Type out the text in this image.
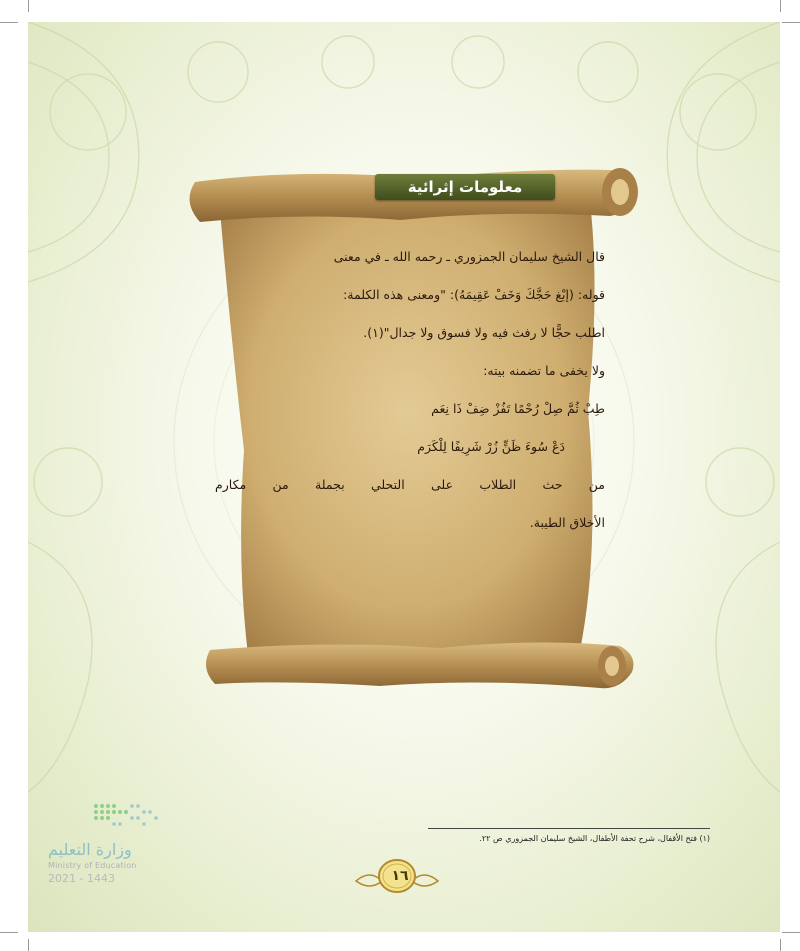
معلومات إثرائية
قال الشيخ سليمان الجمزوري ـ رحمه الله ـ في معنى
قوله: (إبْغ حَجَّكَ وَخَفْ عَقِيمَهُ): "ومعنى هذه الكلمة:
اطلب حجًّا لا رفث فيه ولا فسوق ولا جدال"(١).
ولا يخفى ما تضمنه بيته:
طِبْ ثُمَّ صِلْ رُحْمًا تَفُزْ ضِفْ ذَا نِعَم
دَعْ سُوءَ ظَنٍّ زُرْ شَرِيفًا لِلْكَرَم
من حث الطلاب على التحلي بجملة من مكارم
الأخلاق الطيبة.
(١) فتح الأقفال، شرح تحفة الأطفال، الشيخ سليمان الجمزوري ص ٢٢.
١٦
وزارة التعليم
Ministry of Education
2021 - 1443
